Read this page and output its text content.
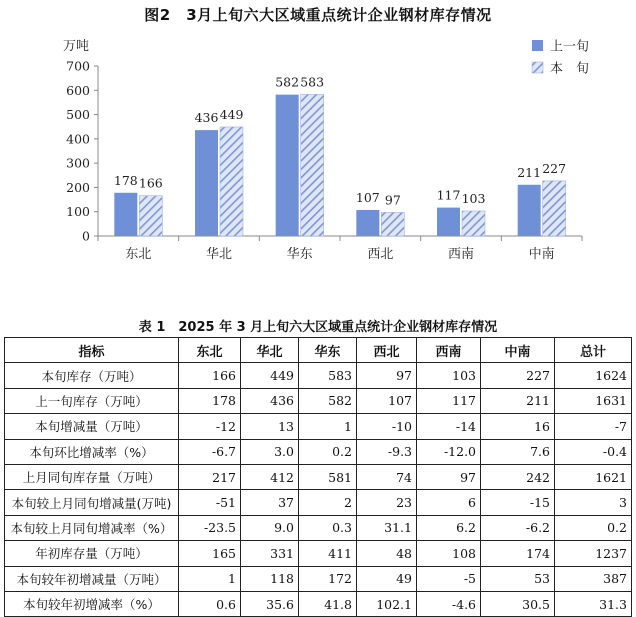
图2　3月上旬六大区域重点统计企业钢材库存情况
万吨
0
100
200
300
400
500
600
700
178 166
东北
436 449
华北
582 583
华东
107 97
西北
117 103
西南
211 227
中南
上一旬
本　旬
表 1　2025 年 3 月上旬六大区域重点统计企业钢材库存情况
指标	东北	华北	华东	西北	西南	中南	总计
本旬库存（万吨）	166	449	583	97	103	227	1624
上一旬库存（万吨）	178	436	582	107	117	211	1631
本旬增减量（万吨）	-12	13	1	-10	-14	16	-7
本旬环比增减率（%）	-6.7	3.0	0.2	-9.3	-12.0	7.6	-0.4
上月同旬库存量（万吨）	217	412	581	74	97	242	1621
本旬较上月同旬增减量(万吨)	-51	37	2	23	6	-15	3
本旬较上月同旬增减率（%）	-23.5	9.0	0.3	31.1	6.2	-6.2	0.2
年初库存量（万吨）	165	331	411	48	108	174	1237
本旬较年初增减量（万吨）	1	118	172	49	-5	53	387
本旬较年初增减率（%）	0.6	35.6	41.8	102.1	-4.6	30.5	31.3
